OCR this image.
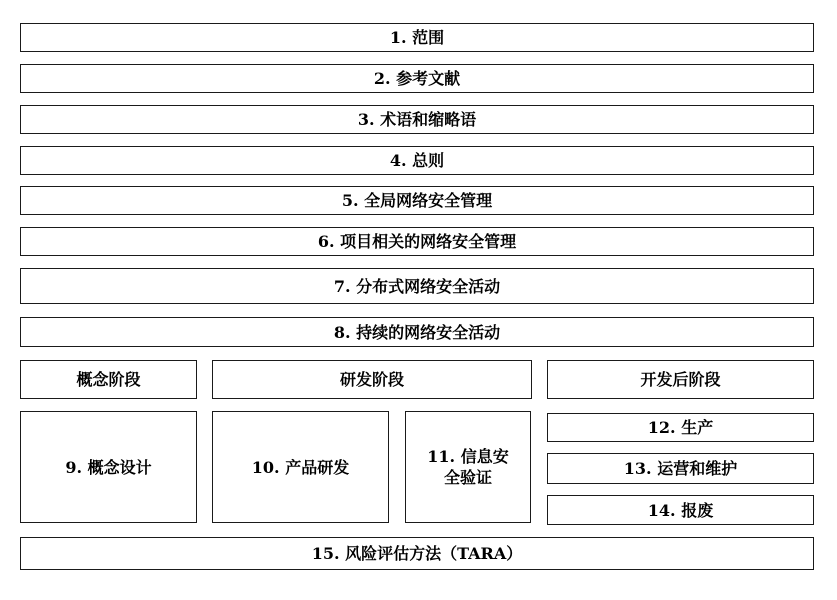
1. 范围
2. 参考文献
3. 术语和缩略语
4. 总则
5. 全局网络安全管理
6. 项目相关的网络安全管理
7. 分布式网络安全活动
8. 持续的网络安全活动
概念阶段	研发阶段	开发后阶段
9. 概念设计	10. 产品研发
11. 信息安全验证
12. 生产
13. 运营和维护
14. 报废
15. 风险评估方法（TARA）
